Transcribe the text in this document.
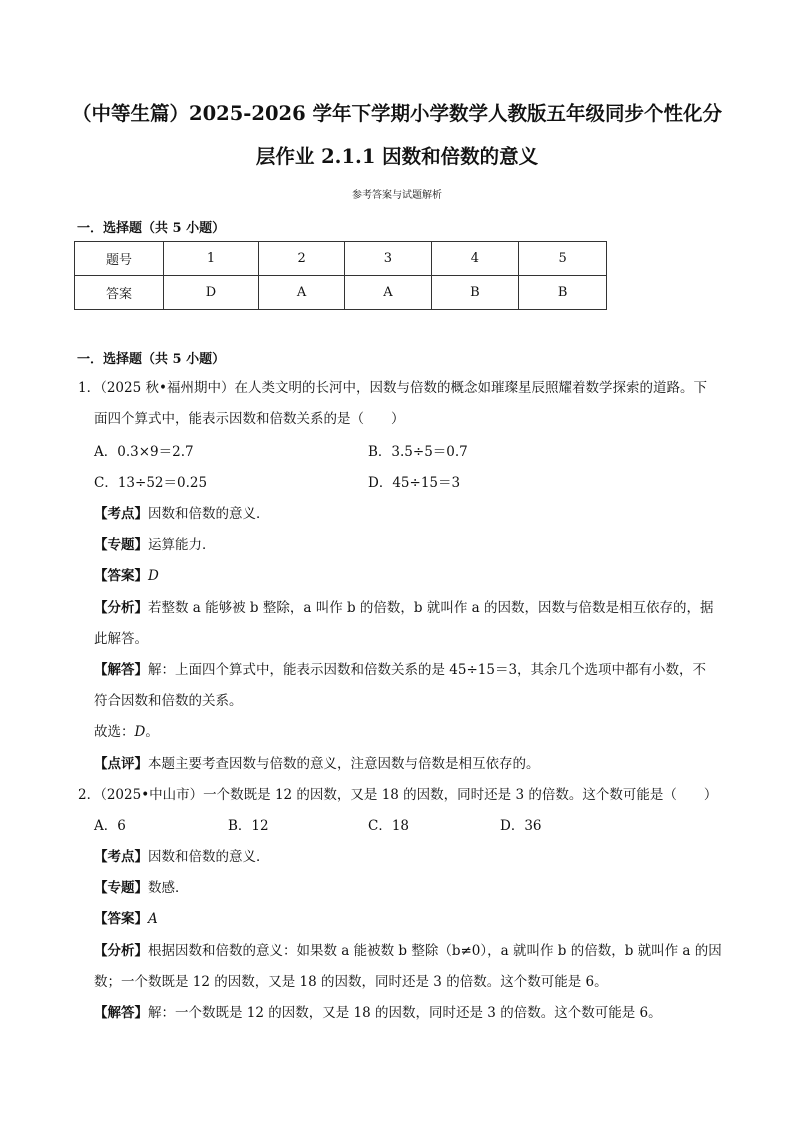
（中等生篇）2025-2026 学年下学期小学数学人教版五年级同步个性化分
层作业 2.1.1 因数和倍数的意义
参考答案与试题解析
一．选择题（共 5 小题）
题号	1	2	3	4	5
答案	D	A	A	B	B
一．选择题（共 5 小题）
1．（2025 秋•福州期中）在人类文明的长河中，因数与倍数的概念如璀璨星辰照耀着数学探索的道路。下
面四个算式中，能表示因数和倍数关系的是（　　）
A．0.3×9＝2.7	B．3.5÷5＝0.7
C．13÷52＝0.25	D．45÷15＝3
【考点】因数和倍数的意义．
【专题】运算能力．
【答案】D
【分析】若整数 a 能够被 b 整除，a 叫作 b 的倍数，b 就叫作 a 的因数，因数与倍数是相互依存的，据
此解答。
【解答】解：上面四个算式中，能表示因数和倍数关系的是 45÷15＝3，其余几个选项中都有小数，不
符合因数和倍数的关系。
故选：D。
【点评】本题主要考查因数与倍数的意义，注意因数与倍数是相互依存的。
2．（2025•中山市）一个数既是 12 的因数，又是 18 的因数，同时还是 3 的倍数。这个数可能是（　　）
A．6	B．12	C．18	D．36
【考点】因数和倍数的意义．
【专题】数感．
【答案】A
【分析】根据因数和倍数的意义：如果数 a 能被数 b 整除（b≠0），a 就叫作 b 的倍数，b 就叫作 a 的因
数；一个数既是 12 的因数，又是 18 的因数，同时还是 3 的倍数。这个数可能是 6。
【解答】解：一个数既是 12 的因数，又是 18 的因数，同时还是 3 的倍数。这个数可能是 6。
